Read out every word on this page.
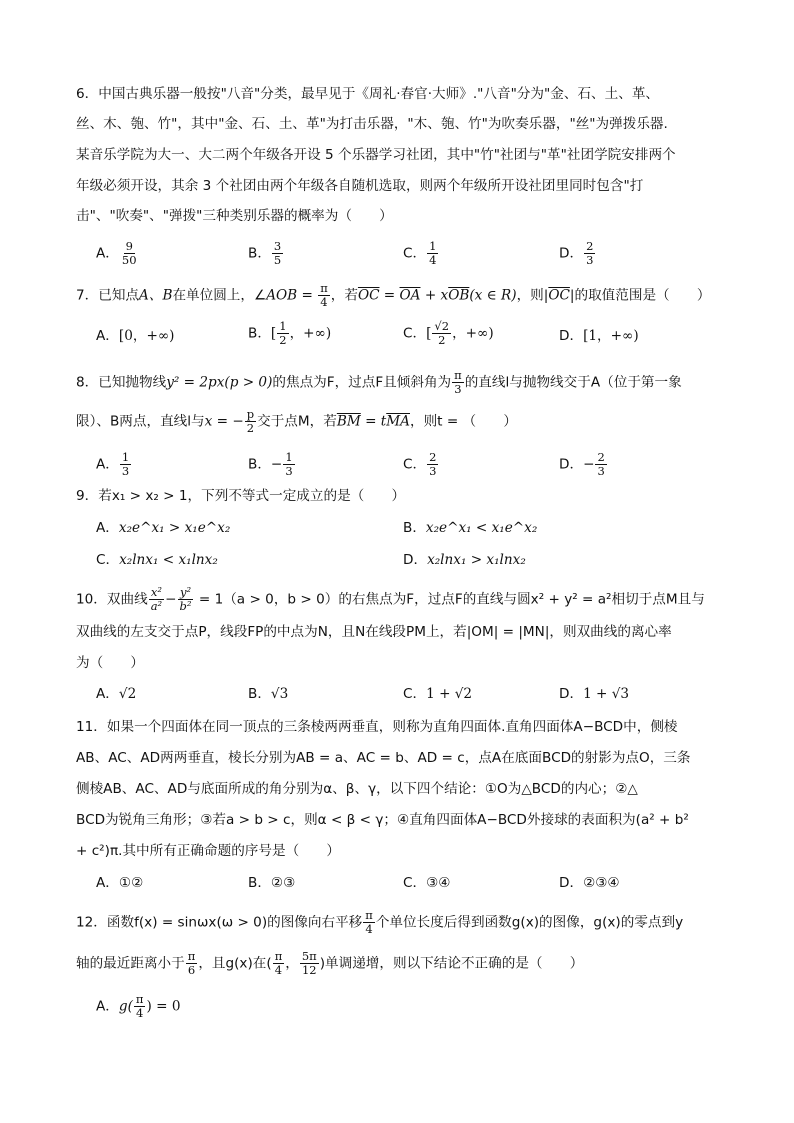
6．中国古典乐器一般按"八音"分类，最早见于《周礼·春官·大师》."八音"分为"金、石、土、革、
丝、木、匏、竹"，其中"金、石、土、革"为打击乐器，"木、匏、竹"为吹奏乐器，"丝"为弹拨乐器.
某音乐学院为大一、大二两个年级各开设 5 个乐器学习社团，其中"竹"社团与"革"社团学院安排两个
年级必须开设，其余 3 个社团由两个年级各自随机选取，则两个年级所开设社团里同时包含"打
击"、"吹奏"、"弹拨"三种类别乐器的概率为（　　）
A． $\frac{9}{50}$	B． $\frac{3}{5}$	C． $\frac{1}{4}$	D． $\frac{2}{3}$
7．已知点A、B在单位圆上，∠AOB = $\frac{\pi}{4}$ ，若$\overline{OC} = \overline{OA} + x\overline{OB}(x$ ∈ R)，则$|\overline{OC}|$的取值范围是（　　）
A．[0，+∞)	B．[ $\frac{1}{2}$ ，+∞)	C．[ $\frac{√2}{2}$ ，+∞)	D．[1，+∞)
8．已知抛物线y² = 2px(p > 0)的焦点为F，过点F且倾斜角为 $\frac{\pi}{3}$ 的直线l与抛物线交于A（位于第一象
限）、B两点，直线l与x = − $\frac{p}{2}$ 交于点M，若$\overline{BM} = t\overline{MA}$，则t = （　　）
A． $\frac{1}{3}$	B．− $\frac{1}{3}$	C． $\frac{2}{3}$	D．− $\frac{2}{3}$
9．若x₁ > x₂ > 1，下列不等式一定成立的是（　　）
A．x₂e^x₁ > x₁e^x₂	B．x₂e^x₁ < x₁e^x₂
C．x₂lnx₁ < x₁lnx₂	D．x₂lnx₁ > x₁lnx₂
10．双曲线 $\frac{\text{x²}}{\text{a²}} - \frac{\text{y²}}{\text{b²}} = 1(a > 0$，b > 0）的右焦点为F，过点F的直线与圆x² + y² = a²相切于点M且与
双曲线的左支交于点P，线段FP的中点为N，且N在线段PM上，若|OM| = |MN|，则双曲线的离心率
为（　　）
A．√2	B．√3	C．1 + √2	D．1 + √3
11．如果一个四面体在同一顶点的三条棱两两垂直，则称为直角四面体.直角四面体A−BCD中，侧棱
AB、AC、AD两两垂直，棱长分别为AB = a、AC = b、AD = c，点A在底面BCD的射影为点O，三条
侧棱AB、AC、AD与底面所成的角分别为α、β、γ，以下四个结论：①O为△BCD的内心；②△
BCD为锐角三角形；③若a > b > c，则α < β < γ；④直角四面体A−BCD外接球的表面积为(a² + b²
+ c²)π.其中所有正确命题的序号是（　　）
A．①②	B．②③	C．③④	D．②③④
12．函数f(x) = sinωx(ω > 0)的图像向右平移 $\frac{\pi}{4}$ 个单位长度后得到函数g(x)的图像，g(x)的零点到y
轴的最近距离小于 $\frac{\pi}{6}$ ，且g(x)在( $\frac{\pi}{4}$ ， $\frac{5\pi}{12}$ )单调递增，则以下结论不正确的是（　　）
A．$g( \frac{\pi}{4}$ ) = 0
